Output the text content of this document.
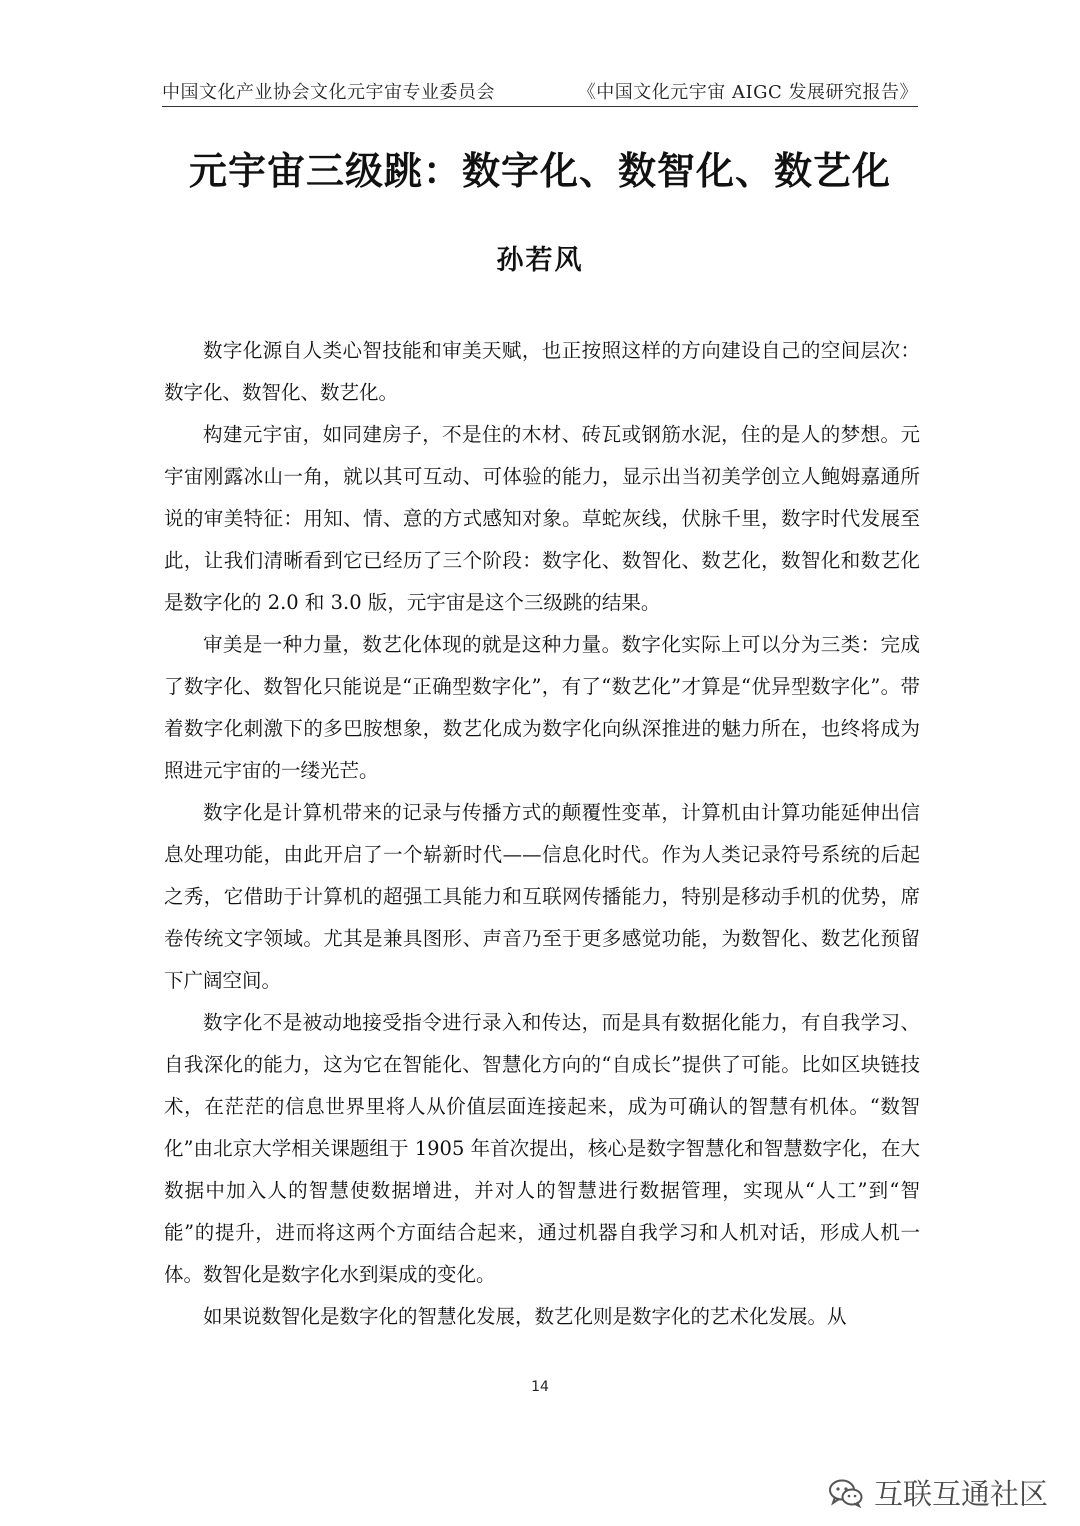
中国文化产业协会文化元宇宙专业委员会	《中国文化元宇宙 AIGC 发展研究报告》
元宇宙三级跳：数字化、数智化、数艺化
孙若风

数字化源自人类心智技能和审美天赋，也正按照这样的方向建设自己的空间层次：数字化、数智化、数艺化。

构建元宇宙，如同建房子，不是住的木材、砖瓦或钢筋水泥，住的是人的梦想。元宇宙刚露冰山一角，就以其可互动、可体验的能力，显示出当初美学创立人鲍姆嘉通所说的审美特征：用知、情、意的方式感知对象。草蛇灰线，伏脉千里，数字时代发展至此，让我们清晰看到它已经历了三个阶段：数字化、数智化、数艺化，数智化和数艺化是数字化的 2.0 和 3.0 版，元宇宙是这个三级跳的结果。

审美是一种力量，数艺化体现的就是这种力量。数字化实际上可以分为三类：完成了数字化、数智化只能说是“正确型数字化”，有了“数艺化”才算是“优异型数字化”。带着数字化刺激下的多巴胺想象，数艺化成为数字化向纵深推进的魅力所在，也终将成为照进元宇宙的一缕光芒。

数字化是计算机带来的记录与传播方式的颠覆性变革，计算机由计算功能延伸出信息处理功能，由此开启了一个崭新时代——信息化时代。作为人类记录符号系统的后起之秀，它借助于计算机的超强工具能力和互联网传播能力，特别是移动手机的优势，席卷传统文字领域。尤其是兼具图形、声音乃至于更多感觉功能，为数智化、数艺化预留下广阔空间。

数字化不是被动地接受指令进行录入和传达，而是具有数据化能力，有自我学习、自我深化的能力，这为它在智能化、智慧化方向的“自成长”提供了可能。比如区块链技术，在茫茫的信息世界里将人从价值层面连接起来，成为可确认的智慧有机体。“数智化”由北京大学相关课题组于 1905 年首次提出，核心是数字智慧化和智慧数字化，在大数据中加入人的智慧使数据增进，并对人的智慧进行数据管理，实现从“人工”到“智能”的提升，进而将这两个方面结合起来，通过机器自我学习和人机对话，形成人机一体。数智化是数字化水到渠成的变化。

如果说数智化是数字化的智慧化发展，数艺化则是数字化的艺术化发展。从

14
互联互通社区
